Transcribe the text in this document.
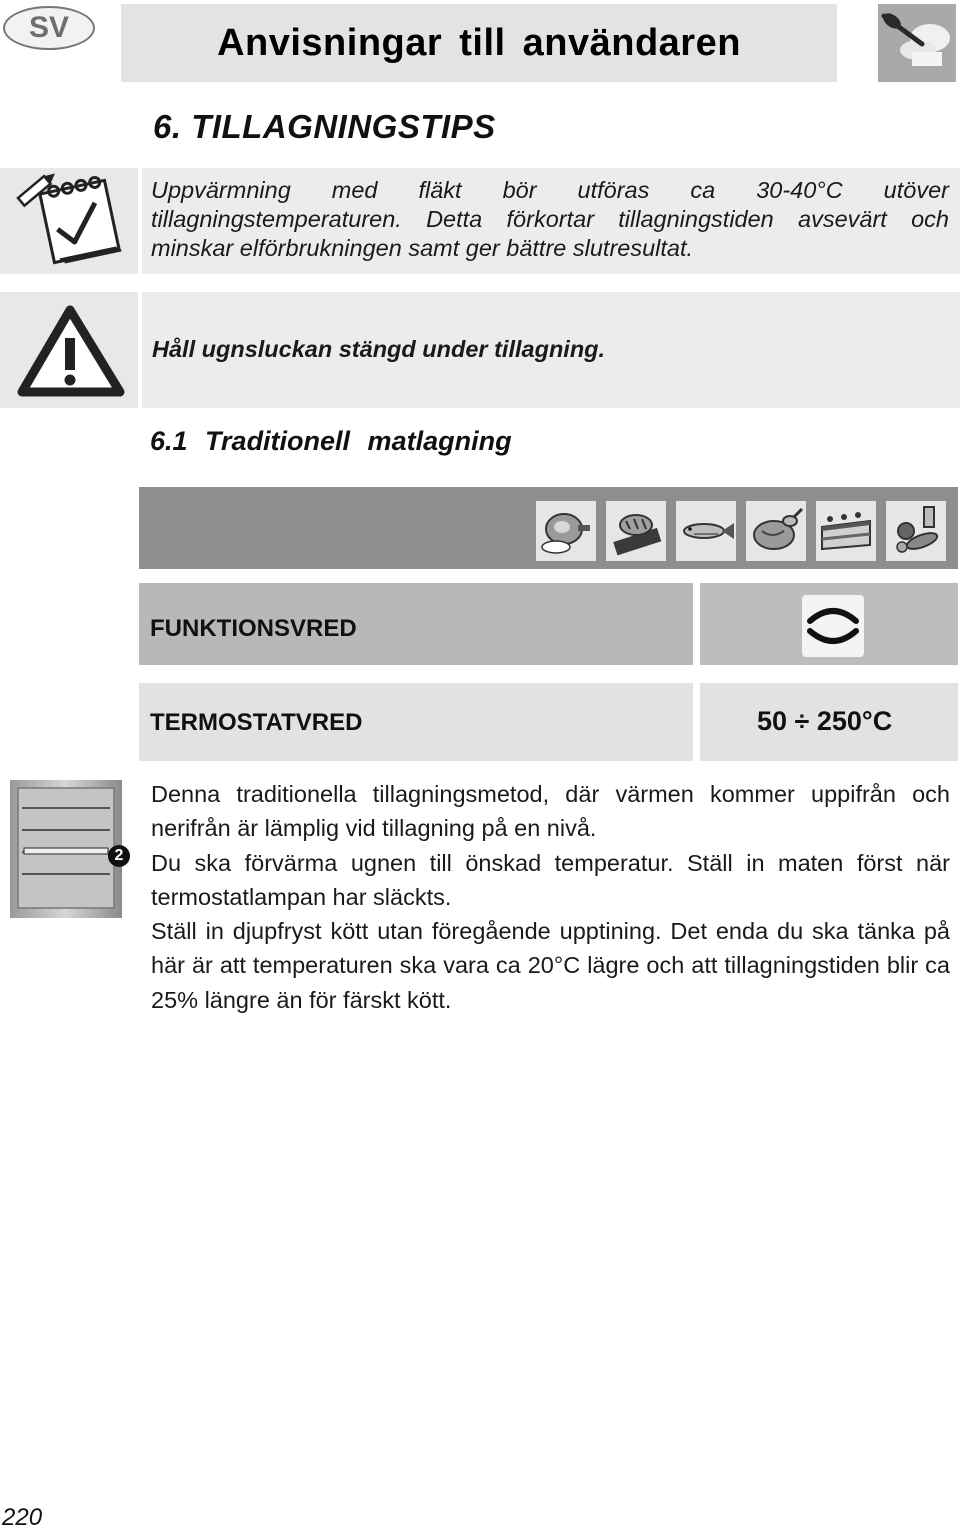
SV	Anvisningar till användaren
6. TILLAGNINGSTIPS
Uppvärmning med fläkt bör utföras ca 30-40°C utöver tillagningstemperaturen. Detta förkortar tillagningstiden avsevärt och minskar elförbrukningen samt ger bättre slutresultat.
Håll ugnsluckan stängd under tillagning.
6.1 Traditionell matlagning
FUNKTIONSVRED
TERMOSTATVRED	50 ÷ 250°C
2

Denna traditionella tillagningsmetod, där värmen kommer uppifrån och nerifrån är lämplig vid tillagning på en nivå.

Du ska förvärma ugnen till önskad temperatur. Ställ in maten först när termostatlampan har släckts.

Ställ in djupfryst kött utan föregående upptining. Det enda du ska tänka på här är att temperaturen ska vara ca 20°C lägre och att tillagningstiden blir ca 25% längre än för färskt kött.

220
